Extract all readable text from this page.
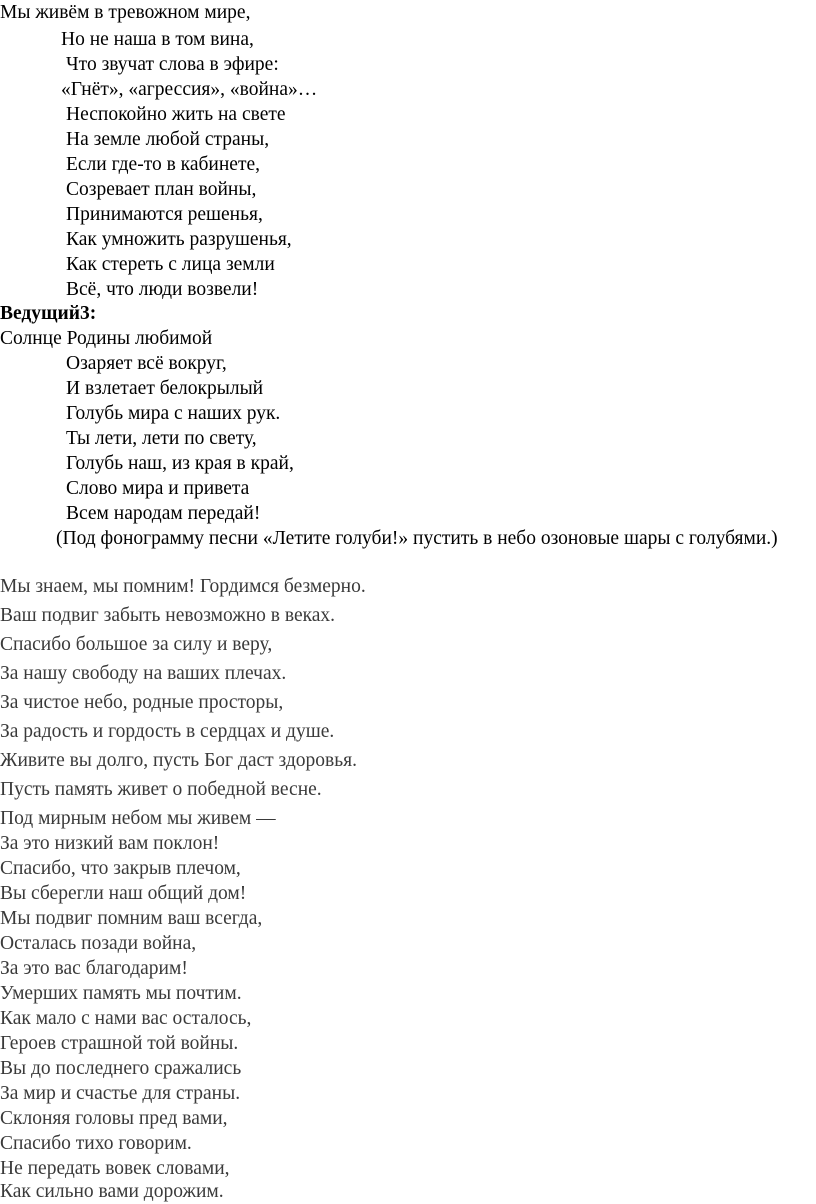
Мы живём в тревожном мире,

Но не наша в том вина,

Что звучат слова в эфире:

«Гнёт», «агрессия», «война»…

Неспокойно жить на свете

На земле любой страны,

Если где-то в кабинете,

Созревает план войны,

Принимаются решенья,

Как умножить разрушенья,

Как стереть с лица земли

Всё, что люди возвели!

Ведущий3:

Солнце Родины любимой

Озаряет всё вокруг,

И взлетает белокрылый

Голубь мира с наших рук.

Ты лети, лети по свету,

Голубь наш, из края в край,

Слово мира и привета

Всем народам передай!

(Под фонограмму песни «Летите голуби!» пустить в небо озоновые шары с голубями.)

Мы знаем, мы помним! Гордимся безмерно.

Ваш подвиг забыть невозможно в веках.

Спасибо большое за силу и веру,

За нашу свободу на ваших плечах.

За чистое небо, родные просторы,

За радость и гордость в сердцах и душе.

Живите вы долго, пусть Бог даст здоровья.

Пусть память живет о победной весне.

Под мирным небом мы живем —

За это низкий вам поклон!

Спасибо, что закрыв плечом,

Вы сберегли наш общий дом!

Мы подвиг помним ваш всегда,

Осталась позади война,

За это вас благодарим!

Умерших память мы почтим.

Как мало с нами вас осталось,

Героев страшной той войны.

Вы до последнего сражались

За мир и счастье для страны.

Склоняя головы пред вами,

Спасибо тихо говорим.

Не передать вовек словами,

Как сильно вами дорожим.
